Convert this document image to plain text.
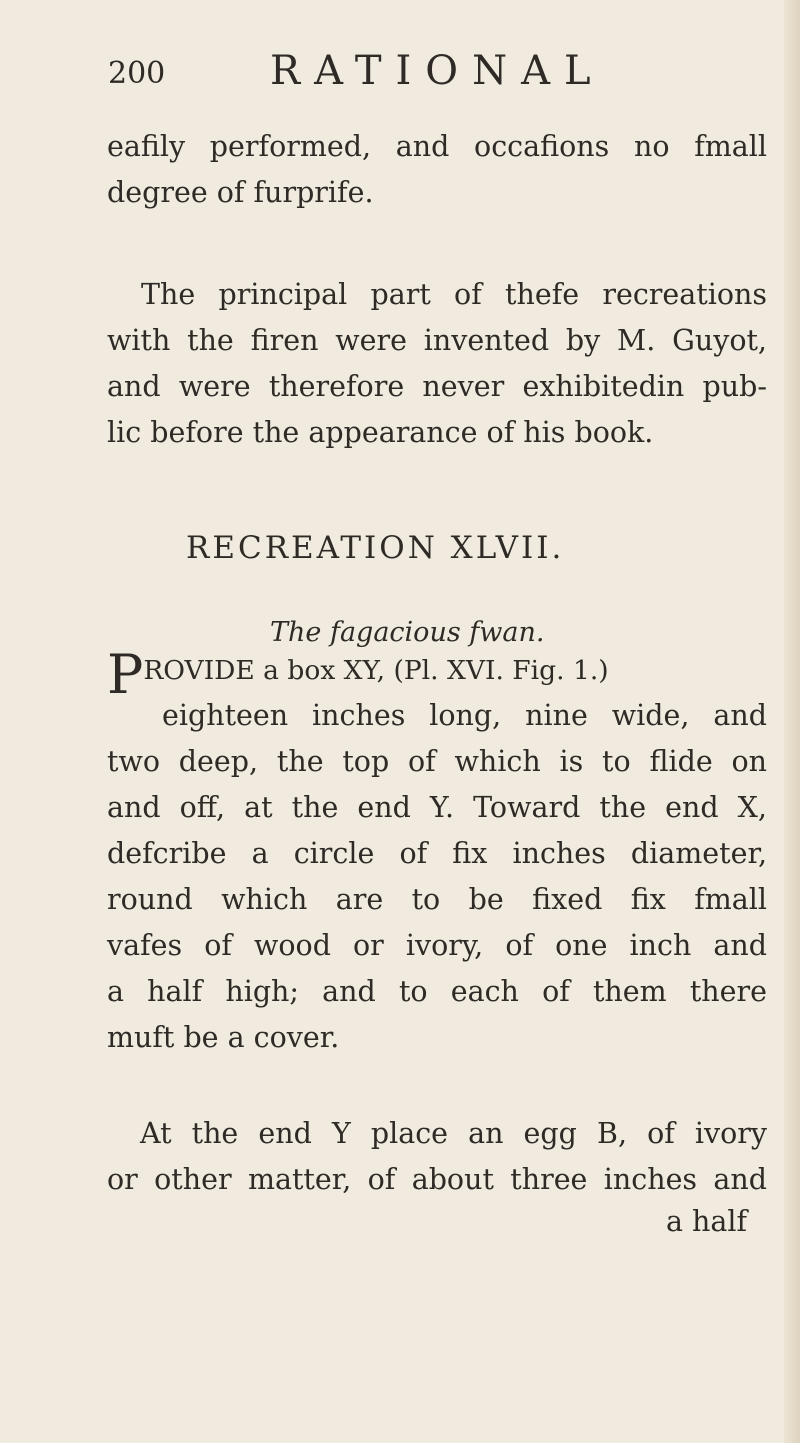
200	RATIONAL

eafily performed, and occafions no fmall
degree of furprife.

The principal part of thefe recreations
with the firen were invented by M. Guyot,
and were therefore never exhibitedin pub-
lic before the appearance of his book.

RECREATION XLVII.
The fagacious fwan.
PROVIDE a box XY, (Pl. XVI. Fig. 1.)

eighteen inches long, nine wide, and
two deep, the top of which is to flide on
and off, at the end Y. Toward the end X,
defcribe a circle of fix inches diameter,
round which are to be fixed fix fmall
vafes of wood or ivory, of one inch and
a half high; and to each of them there
muft be a cover.

At the end Y place an egg B, of ivory
or other matter, of about three inches and

a half
